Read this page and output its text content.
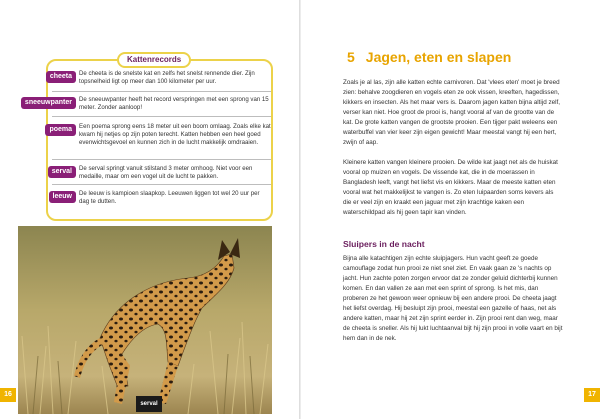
Kattenrecords
cheeta	De cheeta is de snelste kat en zelfs het snelst rennende dier. Zijn topsnelheid ligt op meer dan 100 kilometer per uur.

sneeuwpanter	De sneeuwpanter heeft het record verspringen met een sprong van 15 meter. Zonder aanloop!

poema	Een poema sprong eens 18 meter uit een boom omlaag. Zoals elke kat kwam hij netjes op zijn poten terecht. Katten hebben een heel goed evenwichtsgevoel en kunnen zich in de lucht makkelijk omdraaien.

serval	De serval springt vanuit stilstand 3 meter omhoog. Niet voor een medaille, maar om een vogel uit de lucht te pakken.

leeuw	De leeuw is kampioen slaapkop. Leeuwen liggen tot wel 20 uur per dag te dutten.

serval
16
5 Jagen, eten en slapen

Zoals je al las, zijn alle katten echte carnivoren. Dat 'vlees eten' moet je breed zien: behalve zoogdieren en vogels eten ze ook vissen, kreeften, hagedissen, kikkers en insecten. Als het maar vers is. Daarom jagen katten bijna altijd zelf, verser kan niet. Hoe groot de prooi is, hangt vooral af van de grootte van de kat. De grote katten vangen de grootste prooien. Een tijger pakt weleens een waterbuffel van vier keer zijn eigen gewicht! Maar meestal vangt hij een hert, zwijn of aap.

Kleinere katten vangen kleinere prooien. De wilde kat jaagt net als de huiskat vooral op muizen en vogels. De vissende kat, die in de moerassen in Bangladesh leeft, vangt het liefst vis en kikkers. Maar de meeste katten eten vooral wat het makkelijkst te vangen is. Zo eten luipaarden soms kevers als die er veel zijn en kraakt een jaguar met zijn krachtige kaken een waterschildpad als hij geen tapir kan vinden.

Sluipers in de nacht

Bijna alle katachtigen zijn echte sluipjagers. Hun vacht geeft ze goede camouflage zodat hun prooi ze niet snel ziet. En vaak gaan ze 's nachts op jacht. Hun zachte poten zorgen ervoor dat ze zonder geluid dichterbij kunnen komen. En dan vallen ze aan met een sprint of sprong. Is het mis, dan proberen ze het gewoon weer opnieuw bij een andere prooi. De cheeta jaagt het liefst overdag. Hij besluipt zijn prooi, meestal een gazelle of haas, net als andere katten, maar hij zet zijn sprint eerder in. Zijn prooi rent dan weg, maar de cheeta is sneller. Als hij lukt luchtaanval bijt hij zijn prooi in volle vaart en bijt hem dan in de nek.

17
